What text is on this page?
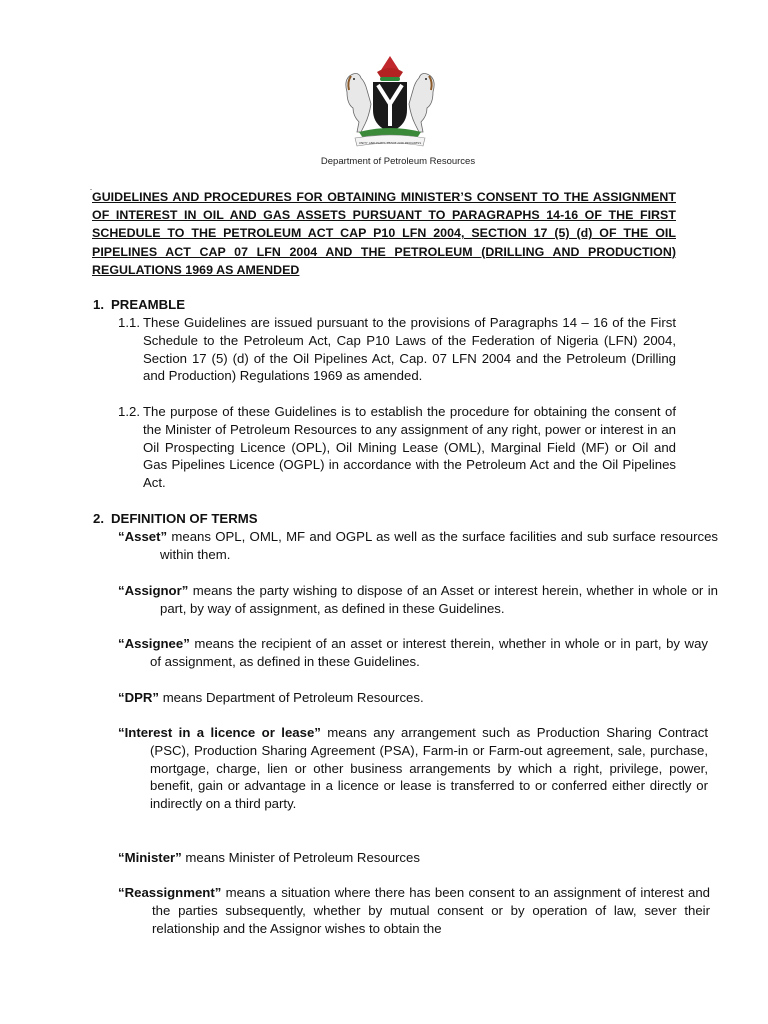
UNITY AND FAITH, PEACE AND PROGRESS
Department of Petroleum Resources
.
GUIDELINES AND PROCEDURES FOR OBTAINING MINISTER’S CONSENT TO THE ASSIGNMENT OF INTEREST IN OIL AND GAS ASSETS PURSUANT TO PARAGRAPHS 14-16 OF THE FIRST SCHEDULE TO THE PETROLEUM ACT CAP P10 LFN 2004, SECTION 17 (5) (d) OF THE OIL PIPELINES ACT CAP 07 LFN 2004 AND THE PETROLEUM (DRILLING AND PRODUCTION) REGULATIONS 1969 AS AMENDED
1. PREAMBLE
1.1. These Guidelines are issued pursuant to the provisions of Paragraphs 14 – 16 of the First Schedule to the Petroleum Act, Cap P10 Laws of the Federation of Nigeria (LFN) 2004, Section 17 (5) (d) of the Oil Pipelines Act, Cap. 07 LFN 2004 and the Petroleum (Drilling and Production) Regulations 1969 as amended.
1.2. The purpose of these Guidelines is to establish the procedure for obtaining the consent of the Minister of Petroleum Resources to any assignment of any right, power or interest in an Oil Prospecting Licence (OPL), Oil Mining Lease (OML), Marginal Field (MF) or Oil and Gas Pipelines Licence (OGPL) in accordance with the Petroleum Act and the Oil Pipelines Act.
2. DEFINITION OF TERMS
“Asset” means OPL, OML, MF and OGPL as well as the surface facilities and sub surface resources within them.
“Assignor” means the party wishing to dispose of an Asset or interest herein, whether in whole or in part, by way of assignment, as defined in these Guidelines.
“Assignee” means the recipient of an asset or interest therein, whether in whole or in part, by way of assignment, as defined in these Guidelines.
“DPR” means Department of Petroleum Resources.
“Interest in a licence or lease” means any arrangement such as Production Sharing Contract (PSC), Production Sharing Agreement (PSA), Farm-in or Farm-out agreement, sale, purchase, mortgage, charge, lien or other business arrangements by which a right, privilege, power, benefit, gain or advantage in a licence or lease is transferred to or conferred either directly or indirectly on a third party.
“Minister” means Minister of Petroleum Resources
“Reassignment” means a situation where there has been consent to an assignment of interest and the parties subsequently, whether by mutual consent or by operation of law, sever their relationship and the Assignor wishes to obtain the
